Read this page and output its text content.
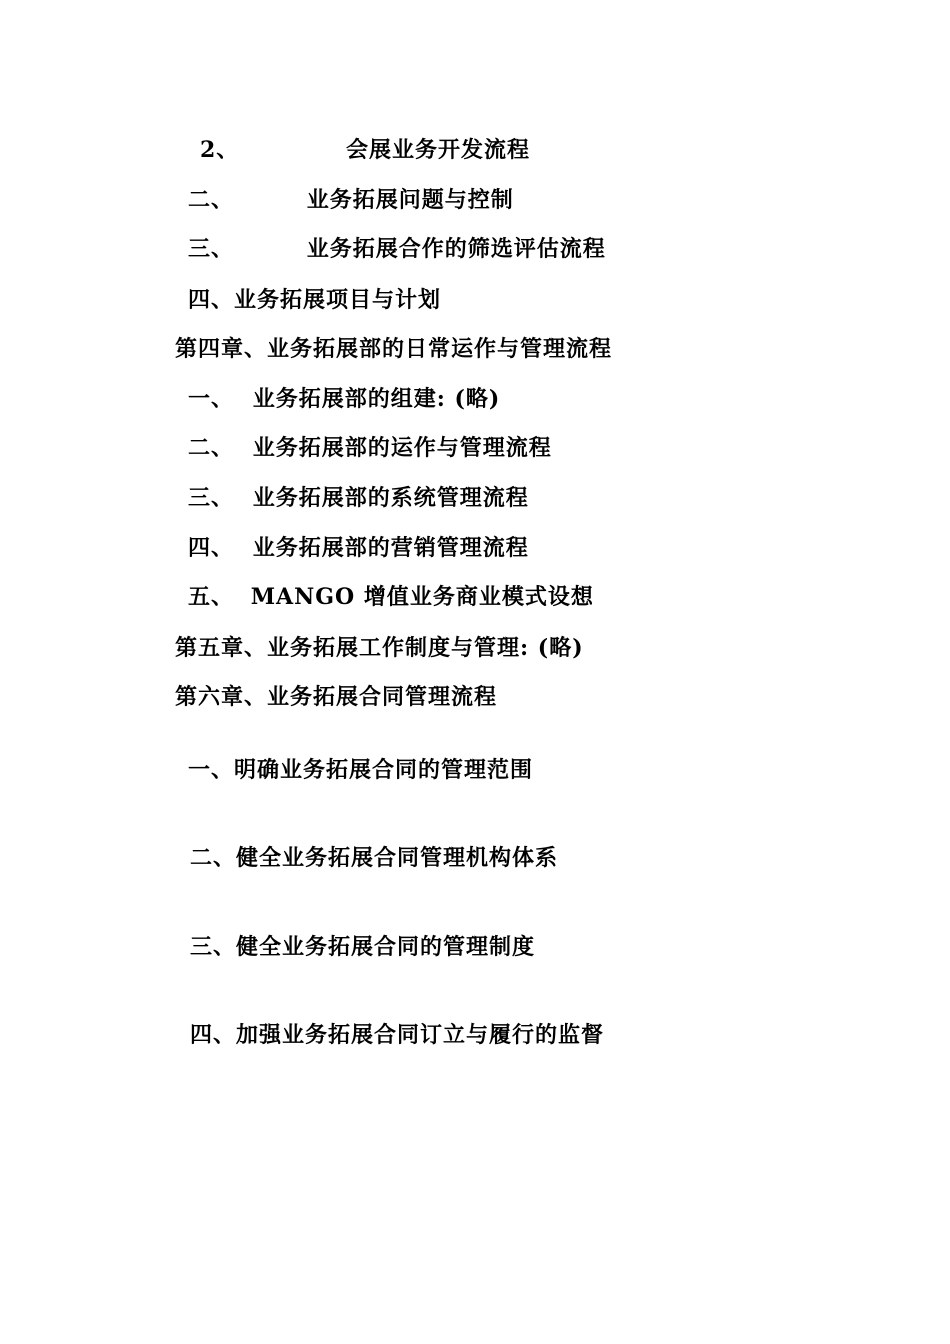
2、	会展业务开发流程
二、	业务拓展问题与控制
三、	业务拓展合作的筛选评估流程
四、业务拓展项目与计划
第四章、业务拓展部的日常运作与管理流程
一、 业务拓展部的组建: (略)
二、 业务拓展部的运作与管理流程
三、 业务拓展部的系统管理流程
四、 业务拓展部的营销管理流程
五、 MANGO 增值业务商业模式设想
第五章、业务拓展工作制度与管理: (略)
第六章、业务拓展合同管理流程
一、明确业务拓展合同的管理范围
二、健全业务拓展合同管理机构体系
三、健全业务拓展合同的管理制度
四、加强业务拓展合同订立与履行的监督
